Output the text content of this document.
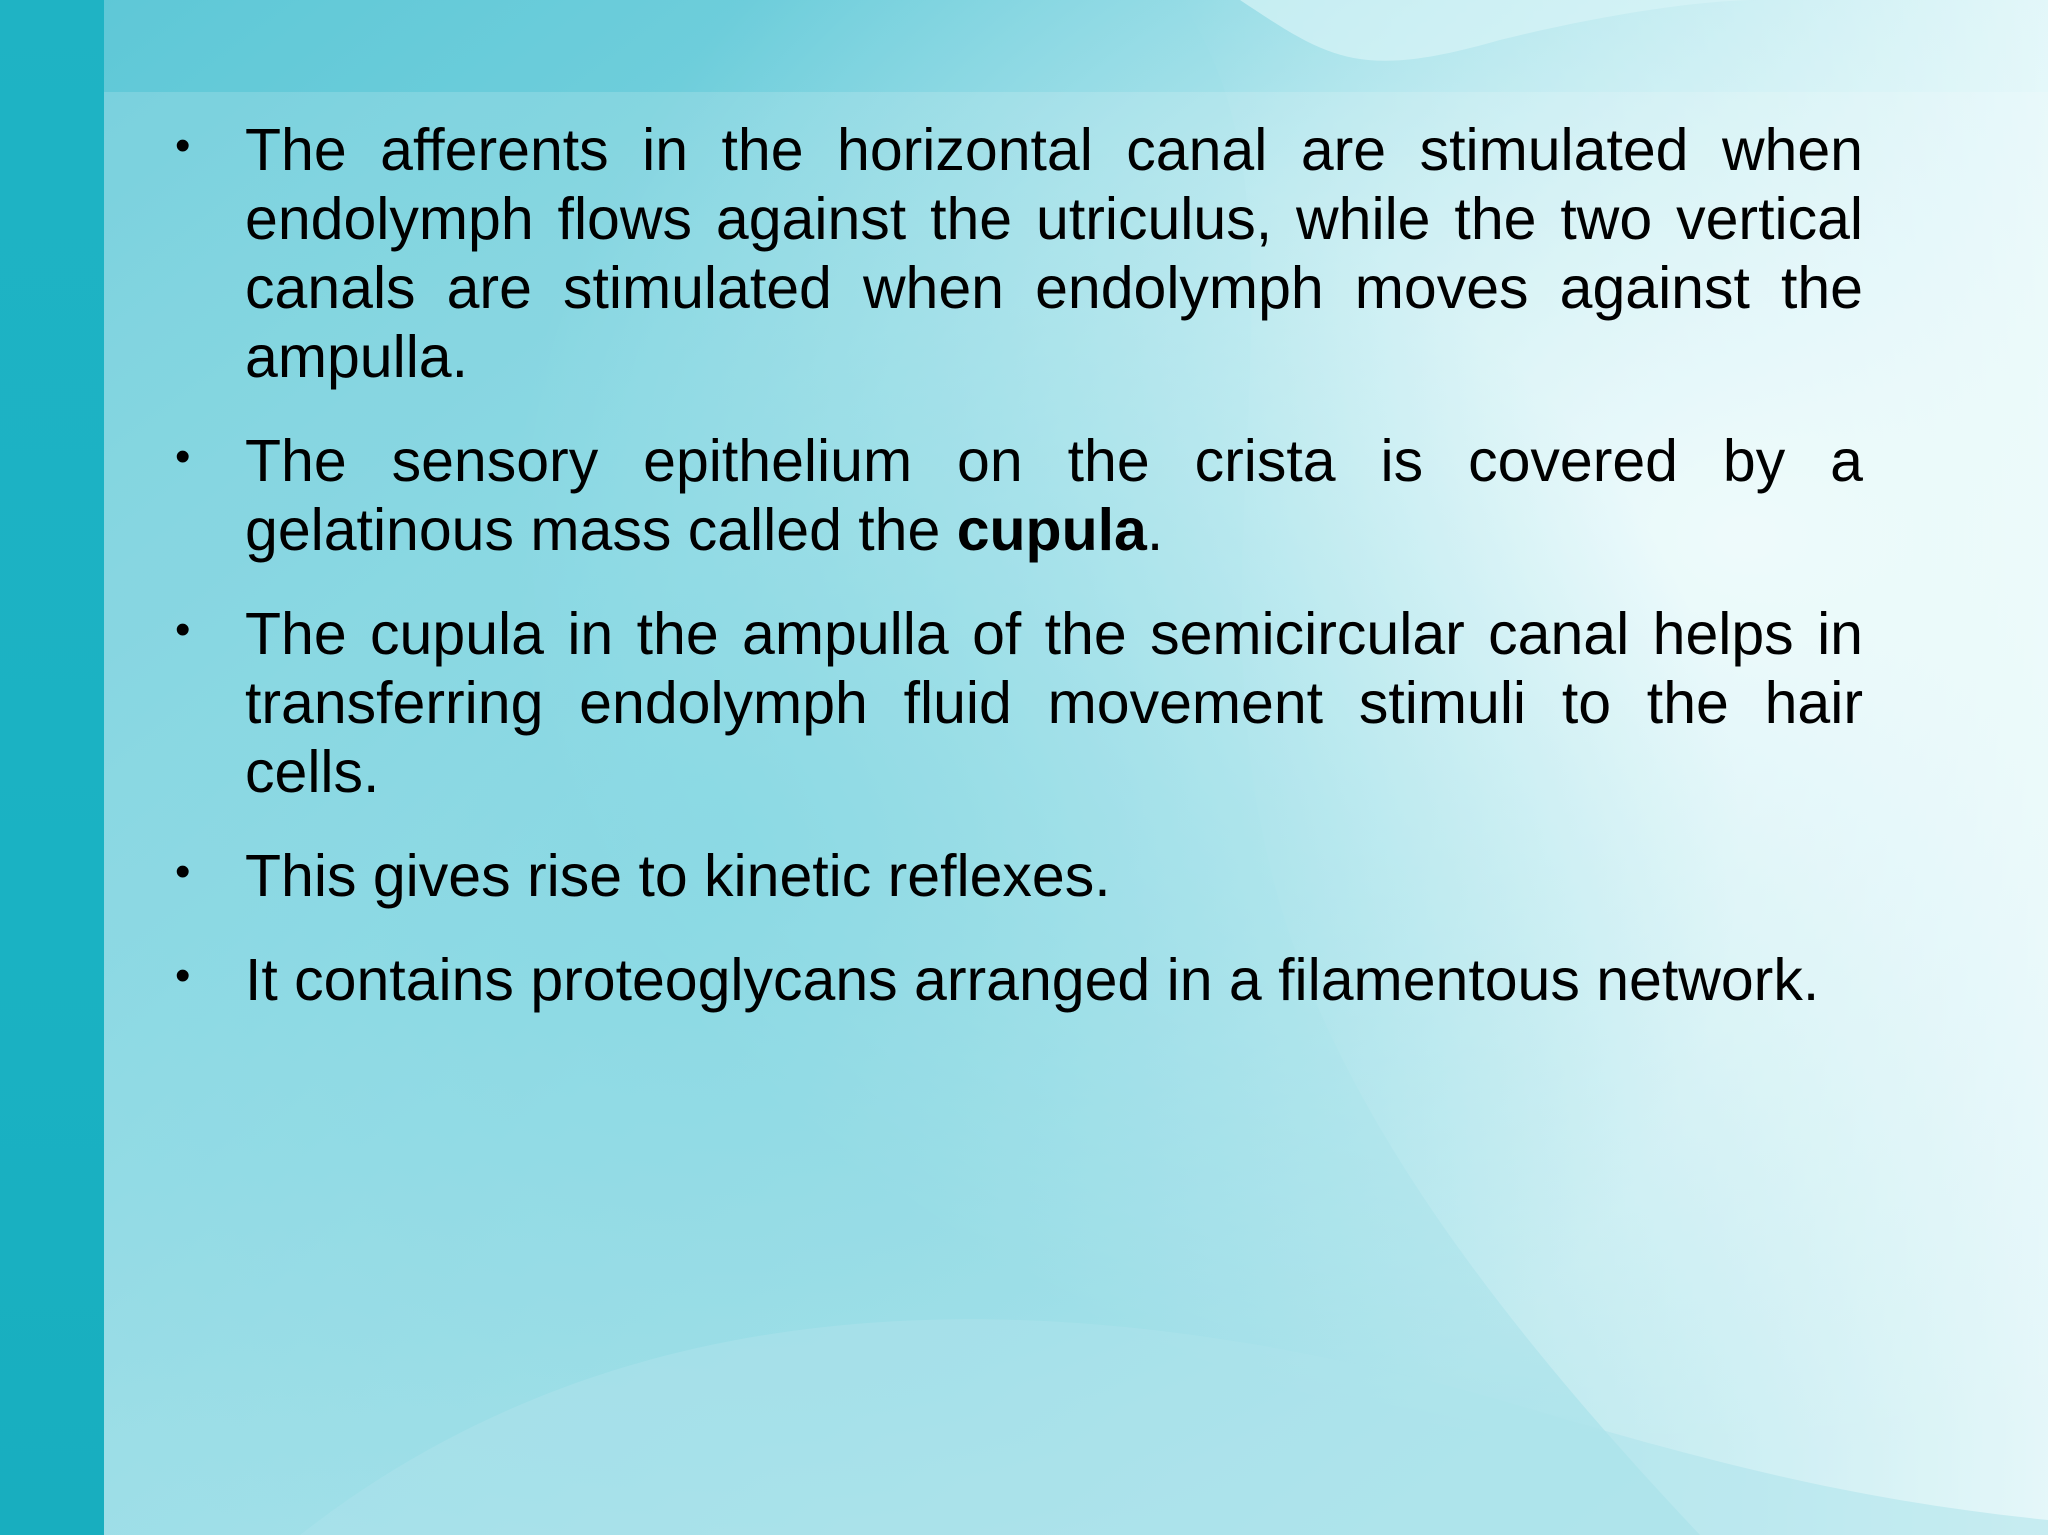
• The afferents in the horizontal canal are stimulated when endolymph flows against the utriculus, while the two vertical canals are stimulated when endolymph moves against the ampulla.
• The sensory epithelium on the crista is covered by a gelatinous mass called the cupula.
• The cupula in the ampulla of the semicircular canal helps in transferring endolymph fluid movement stimuli to the hair cells.
• This gives rise to kinetic reflexes.
• It contains proteoglycans arranged in a filamentous network.
